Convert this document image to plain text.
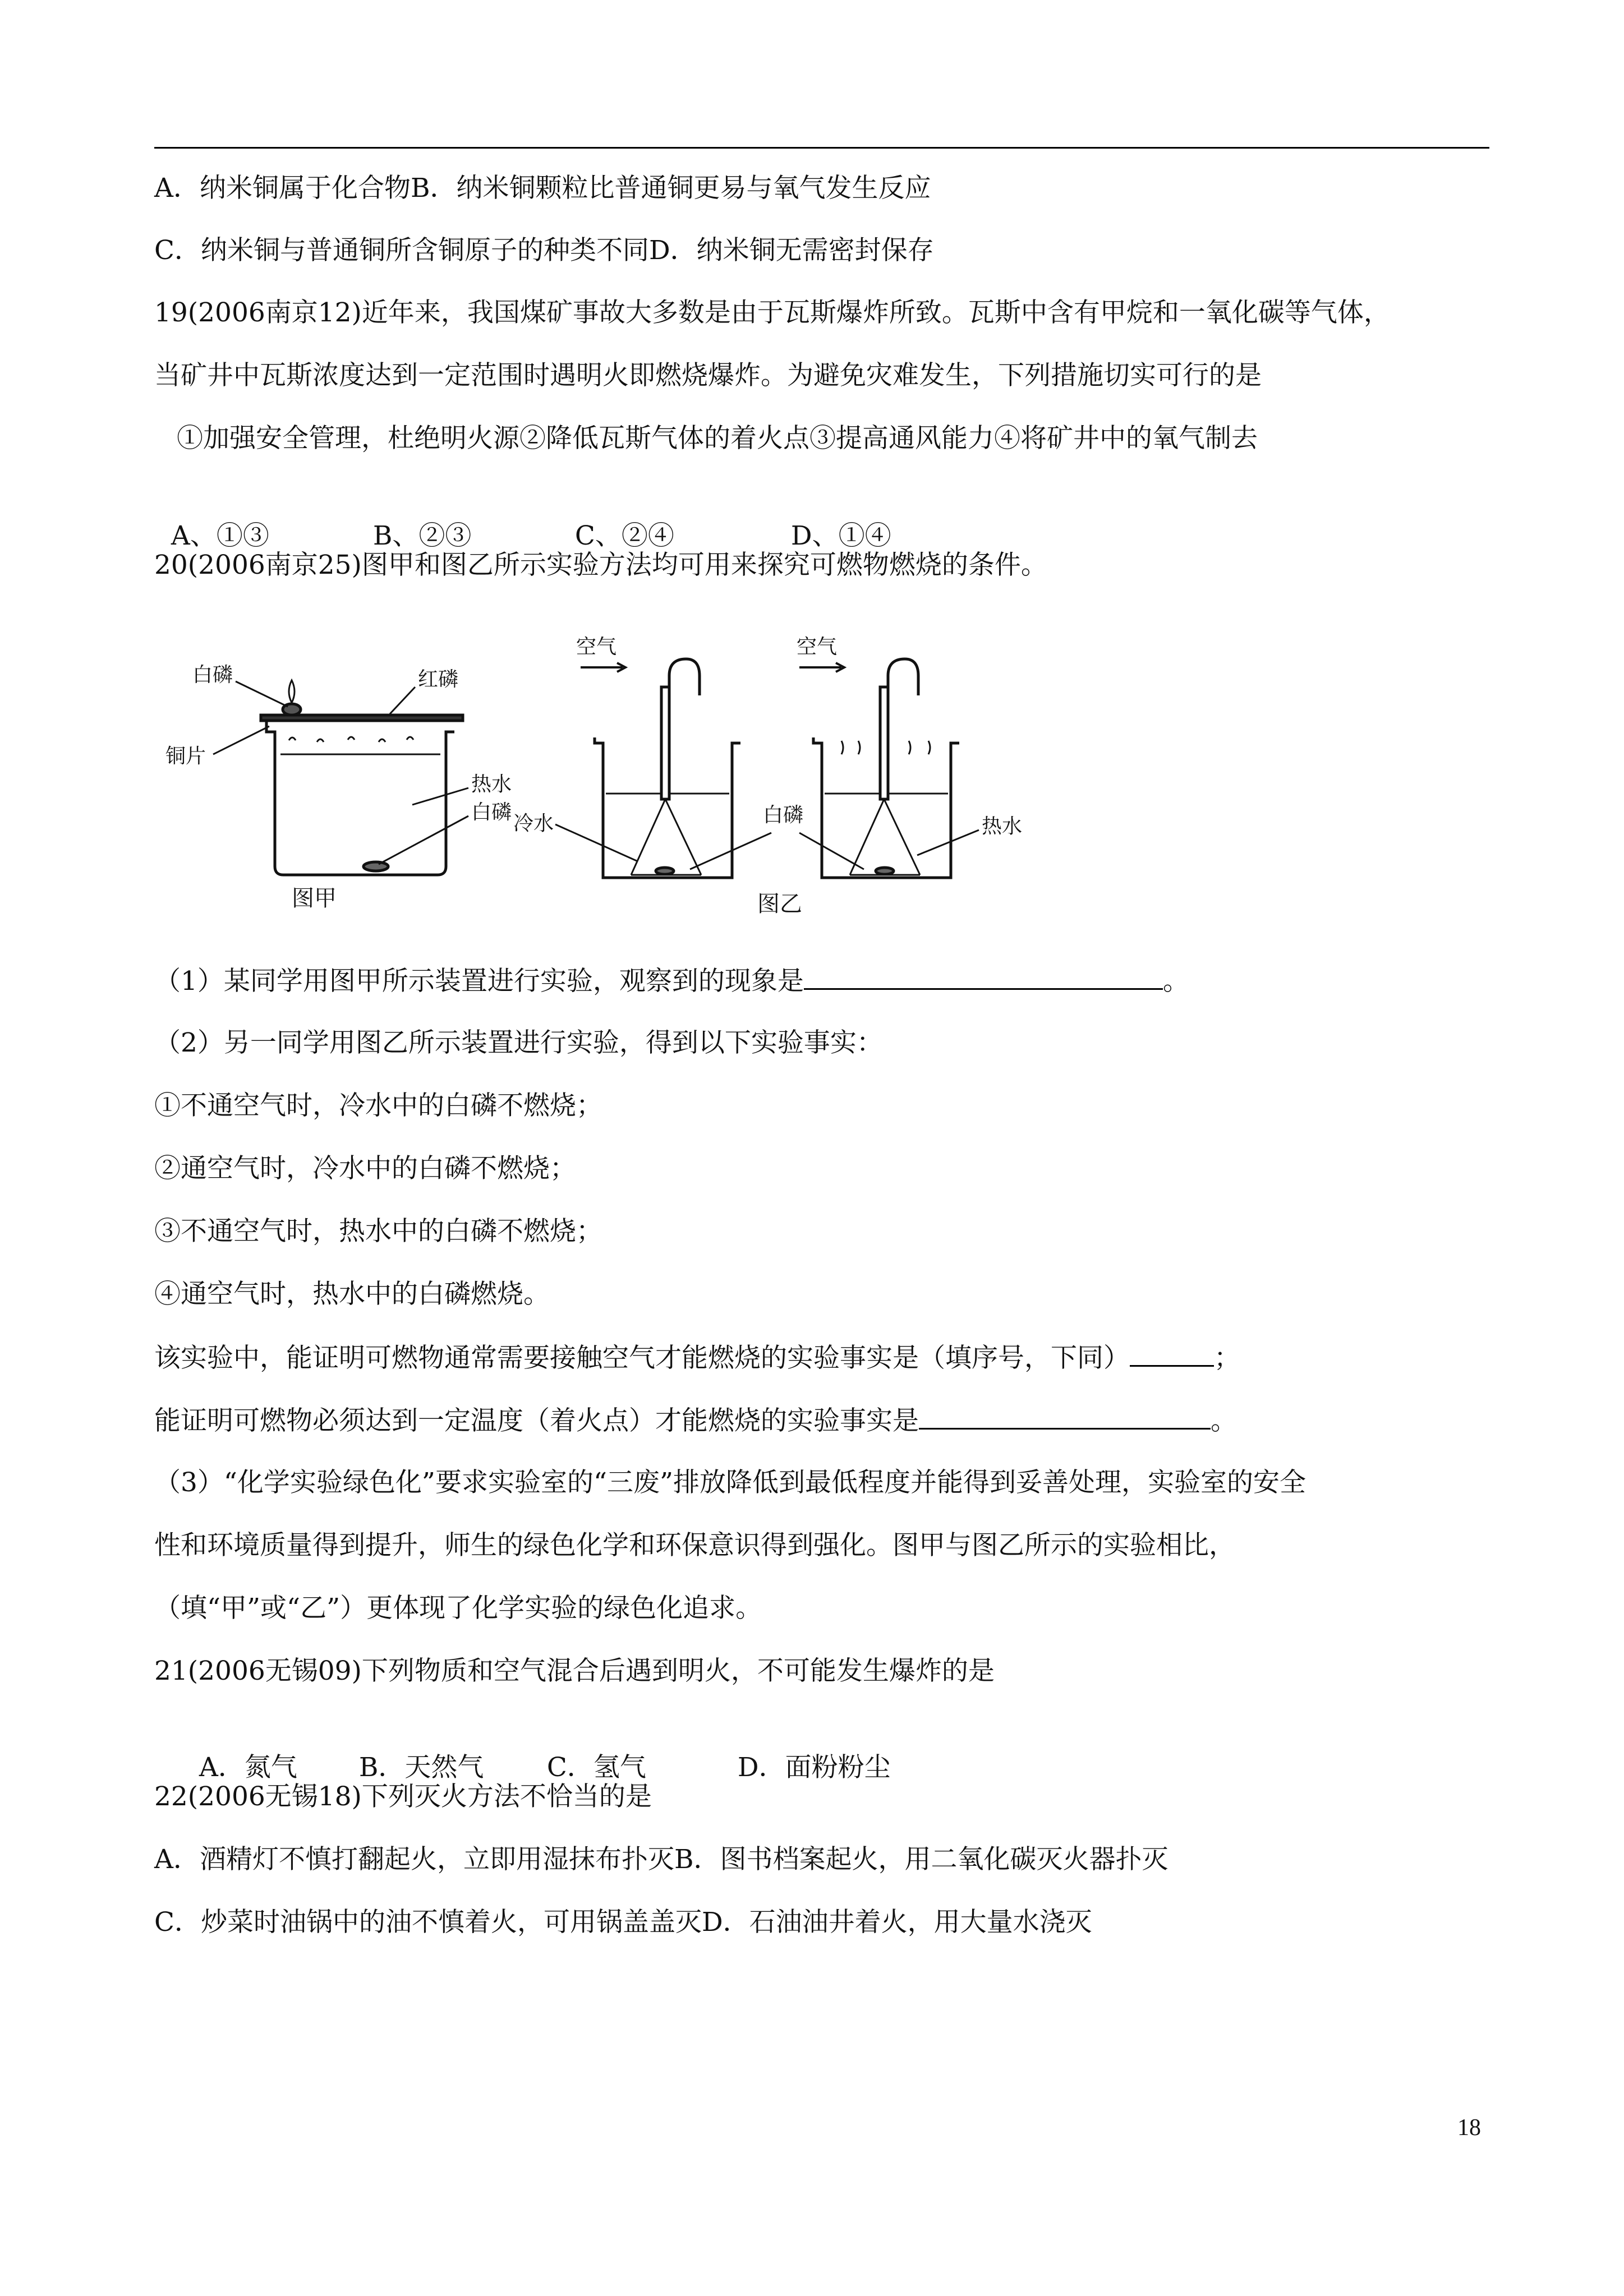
A．纳米铜属于化合物B．纳米铜颗粒比普通铜更易与氧气发生反应
C．纳米铜与普通铜所含铜原子的种类不同D．纳米铜无需密封保存
19(2006南京12)近年来，我国煤矿事故大多数是由于瓦斯爆炸所致。瓦斯中含有甲烷和一氧化碳等气体，
当矿井中瓦斯浓度达到一定范围时遇明火即燃烧爆炸。为避免灾难发生，下列措施切实可行的是
①加强安全管理，杜绝明火源②降低瓦斯气体的着火点③提高通风能力④将矿井中的氧气制去

A、①③	B、②③	C、②④	D、①④

20(2006南京25)图甲和图乙所示实验方法均可用来探究可燃物燃烧的条件。
白磷	红磷
铜片
热水
白磷
图甲
空气
冷水	白磷
图乙
空气
热水
（1）某同学用图甲所示装置进行实验，观察到的现象是	。
（2）另一同学用图乙所示装置进行实验，得到以下实验事实：
①不通空气时，冷水中的白磷不燃烧；
②通空气时，冷水中的白磷不燃烧；
③不通空气时，热水中的白磷不燃烧；
④通空气时，热水中的白磷燃烧。
该实验中，能证明可燃物通常需要接触空气才能燃烧的实验事实是（填序号，下同）	；
能证明可燃物必须达到一定温度（着火点）才能燃烧的实验事实是	。
（3）“化学实验绿色化”要求实验室的“三废”排放降低到最低程度并能得到妥善处理，实验室的安全
性和环境质量得到提升，师生的绿色化学和环保意识得到强化。图甲与图乙所示的实验相比，
（填“甲”或“乙”）更体现了化学实验的绿色化追求。
21(2006无锡09)下列物质和空气混合后遇到明火，不可能发生爆炸的是

A．氮气 B．天然气 C．氢气	D．面粉粉尘

22(2006无锡18)下列灭火方法不恰当的是
A．酒精灯不慎打翻起火，立即用湿抹布扑灭B．图书档案起火，用二氧化碳灭火器扑灭
C．炒菜时油锅中的油不慎着火，可用锅盖盖灭D．石油油井着火，用大量水浇灭
18
